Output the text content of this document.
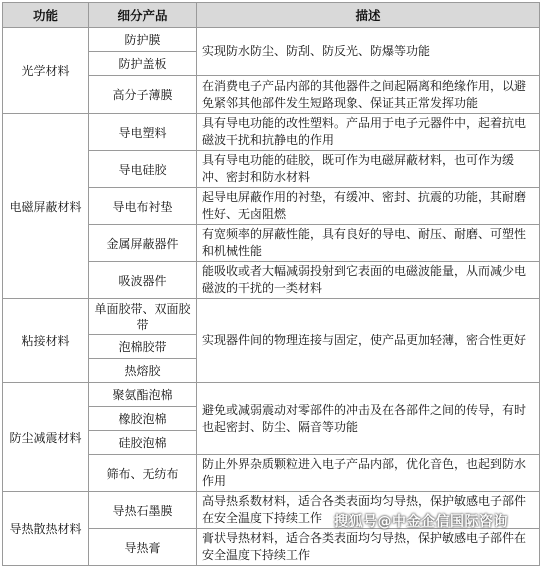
功能	细分产品	描述
光学材料	防护膜	实现防水防尘、防刮、防反光、防爆等功能
	防护盖板	
	高分子薄膜	在消费电子产品内部的其他器件之间起隔离和绝缘作用，以避免紧邻其他部件发生短路现象、保证其正常发挥功能
电磁屏蔽材料	导电塑料	具有导电功能的改性塑料。产品用于电子元器件中，起着抗电磁波干扰和抗静电的作用
	导电硅胶	具有导电功能的硅胶，既可作为电磁屏蔽材料，也可作为缓冲、密封和防水材料
	导电布衬垫	起导电屏蔽作用的衬垫，有缓冲、密封、抗震的功能，其耐磨性好、无卤阻燃
	金属屏蔽器件	有宽频率的屏蔽性能，具有良好的导电、耐压、耐磨、可塑性和机械性能
	吸波器件	能吸收或者大幅减弱投射到它表面的电磁波能量，从而减少电磁波的干扰的一类材料
粘接材料	单面胶带、双面胶带	实现器件间的物理连接与固定，使产品更加轻薄，密合性更好
	泡棉胶带	
	热熔胶	
防尘减震材料	聚氨酯泡棉	避免或减弱震动对零部件的冲击及在各部件之间的传导，有时也起密封、防尘、隔音等功能
	橡胶泡棉	
	硅胶泡棉	
	筛布、无纺布	防止外界杂质颗粒进入电子产品内部，优化音色，也起到防水作用
导热散热材料	导热石墨膜	高导热系数材料，适合各类表面均匀导热，保护敏感电子部件在安全温度下持续工作
	导热膏	膏状导热材料，适合各类表面均匀导热，保护敏感电子部件在安全温度下持续工作
搜狐号@中金企信国际咨询
